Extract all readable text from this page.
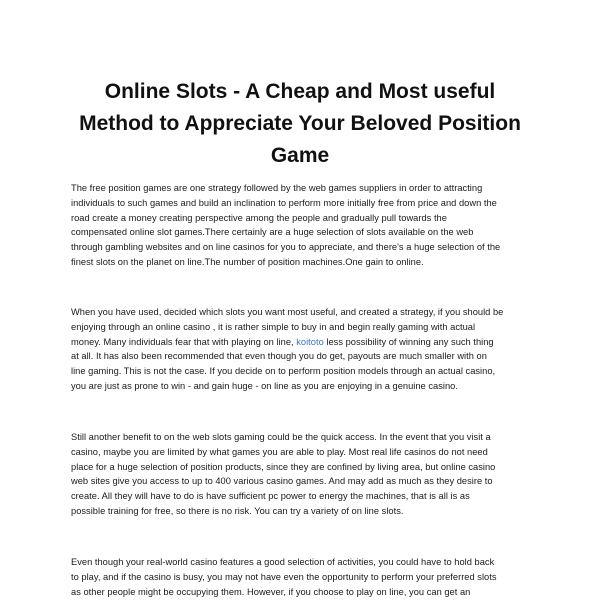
Online Slots - A Cheap and Most useful
Method to Appreciate Your Beloved Position
Game

The free position games are one strategy followed by the web games suppliers in order to attracting
individuals to such games and build an inclination to perform more initially free from price and down the
road create a money creating perspective among the people and gradually pull towards the
compensated online slot games.There certainly are a huge selection of slots available on the web
through gambling websites and on line casinos for you to appreciate, and there's a huge selection of the
finest slots on the planet on line.The number of position machines.One gain to online.

When you have used, decided which slots you want most useful, and created a strategy, if you should be
enjoying through an online casino , it is rather simple to buy in and begin really gaming with actual
money. Many individuals fear that with playing on line, koitoto less possibility of winning any such thing
at all. It has also been recommended that even though you do get, payouts are much smaller with on
line gaming. This is not the case. If you decide on to perform position models through an actual casino,
you are just as prone to win - and gain huge - on line as you are enjoying in a genuine casino.

Still another benefit to on the web slots gaming could be the quick access. In the event that you visit a
casino, maybe you are limited by what games you are able to play. Most real life casinos do not need
place for a huge selection of position products, since they are confined by living area, but online casino
web sites give you access to up to 400 various casino games. And may add as much as they desire to
create. All they will have to do is have sufficient pc power to energy the machines, that is all is as
possible training for free, so there is no risk. You can try a variety of on line slots.

Even though your real-world casino features a good selection of activities, you could have to hold back
to play, and if the casino is busy, you may not have even the opportunity to perform your preferred slots
as other people might be occupying them. However, if you choose to play on line, you can get an
